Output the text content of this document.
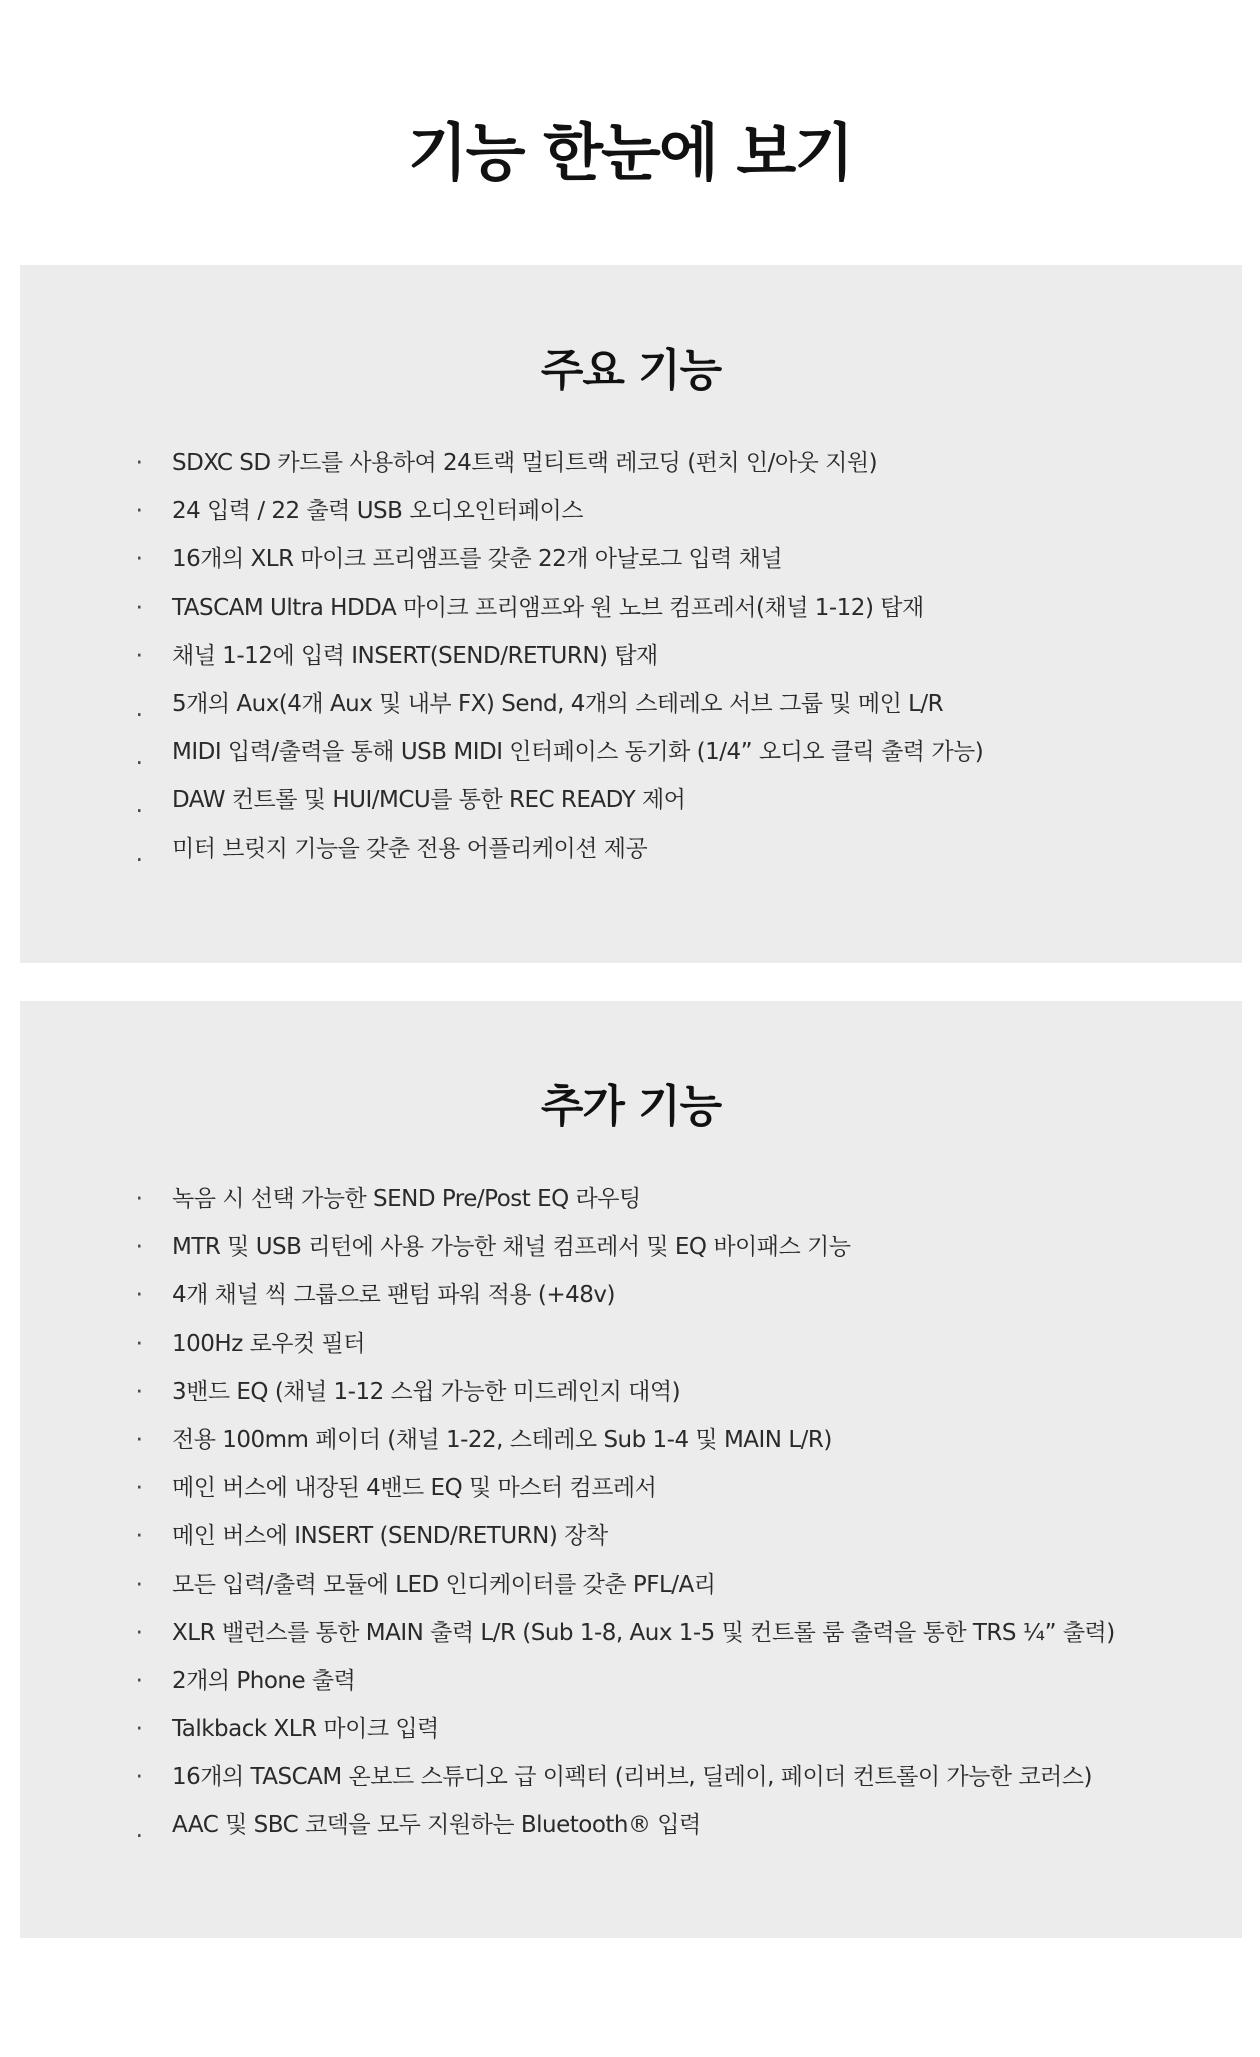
기능 한눈에 보기
주요 기능
· SDXC SD 카드를 사용하여 24트랙 멀티트랙 레코딩 (펀치 인/아웃 지원)
· 24 입력 / 22 출력 USB 오디오인터페이스
· 16개의 XLR 마이크 프리앰프를 갖춘 22개 아날로그 입력 채널
· TASCAM Ultra HDDA 마이크 프리앰프와 원 노브 컴프레서(채널 1-12) 탑재
· 채널 1-12에 입력 INSERT(SEND/RETURN) 탑재
. 5개의 Aux(4개 Aux 및 내부 FX) Send, 4개의 스테레오 서브 그룹 및 메인 L/R
. MIDI 입력/출력을 통해 USB MIDI 인터페이스 동기화 (1/4” 오디오 클릭 출력 가능)
. DAW 컨트롤 및 HUI/MCU를 통한 REC READY 제어
. 미터 브릿지 기능을 갖춘 전용 어플리케이션 제공
추가 기능
· 녹음 시 선택 가능한 SEND Pre/Post EQ 라우팅
· MTR 및 USB 리턴에 사용 가능한 채널 컴프레서 및 EQ 바이패스 기능
· 4개 채널 씩 그룹으로 팬텀 파워 적용 (+48v)
· 100Hz 로우컷 필터
· 3밴드 EQ (채널 1-12 스윕 가능한 미드레인지 대역)
· 전용 100mm 페이더 (채널 1-22, 스테레오 Sub 1-4 및 MAIN L/R)
· 메인 버스에 내장된 4밴드 EQ 및 마스터 컴프레서
· 메인 버스에 INSERT (SEND/RETURN) 장착
· 모든 입력/출력 모듈에 LED 인디케이터를 갖춘 PFL/A리
· XLR 밸런스를 통한 MAIN 출력 L/R (Sub 1-8, Aux 1-5 및 컨트롤 룸 출력을 통한 TRS ¼” 출력)
· 2개의 Phone 출력
· Talkback XLR 마이크 입력
· 16개의 TASCAM 온보드 스튜디오 급 이펙터 (리버브, 딜레이, 페이더 컨트롤이 가능한 코러스)
. AAC 및 SBC 코덱을 모두 지원하는 Bluetooth® 입력
